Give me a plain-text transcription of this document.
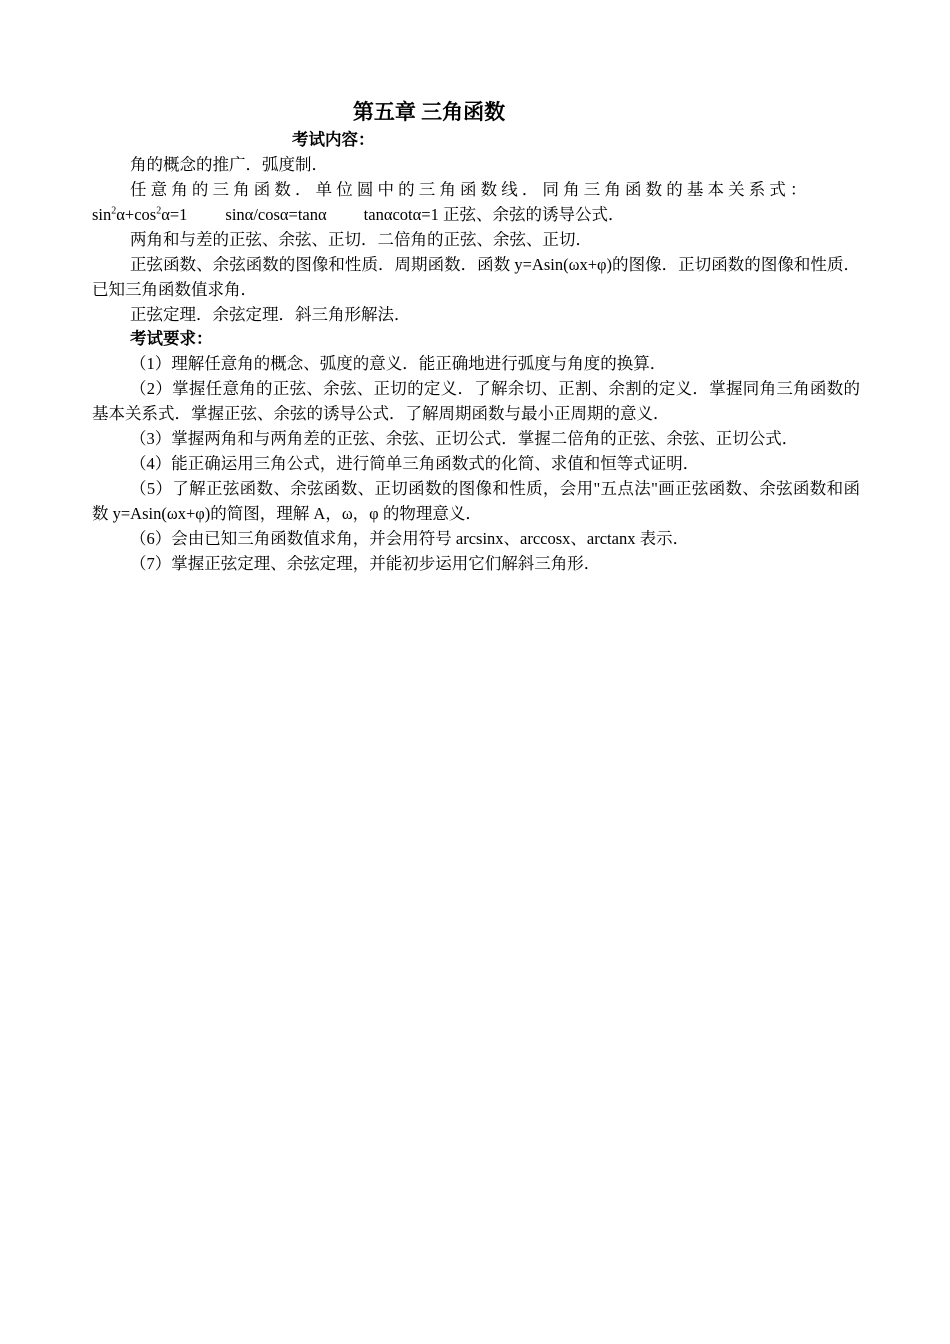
第五章 三角函数
考试内容：

角的概念的推广．弧度制．

任 意 角 的 三 角 函 数 ． 单 位 圆 中 的 三 角 函 数 线 ． 同 角 三 角 函 数 的 基 本 关 系 式 ：
$\sin^2\alpha+\cos^2\alpha=1$ sinα/cosα=tanα tanαcotα=1 正弦、余弦的诱导公式．

两角和与差的正弦、余弦、正切．二倍角的正弦、余弦、正切．

正弦函数、余弦函数的图像和性质．周期函数．函数 y=Asin(ωx+φ)的图像．正切函数的图像和性质．已知三角函数值求角．

正弦定理．余弦定理．斜三角形解法．

考试要求：

（1）理解任意角的概念、弧度的意义．能正确地进行弧度与角度的换算．

（2）掌握任意角的正弦、余弦、正切的定义．了解余切、正割、余割的定义．掌握同角三角函数的基本关系式．掌握正弦、余弦的诱导公式．了解周期函数与最小正周期的意义．

（3）掌握两角和与两角差的正弦、余弦、正切公式．掌握二倍角的正弦、余弦、正切公式．

（4）能正确运用三角公式，进行简单三角函数式的化简、求值和恒等式证明．

（5）了解正弦函数、余弦函数、正切函数的图像和性质，会用"五点法"画正弦函数、余弦函数和函数 y=Asin(ωx+φ)的简图，理解 A，ω，φ 的物理意义．

（6）会由已知三角函数值求角，并会用符号 arcsinx、arccosx、arctanx 表示．

（7）掌握正弦定理、余弦定理，并能初步运用它们解斜三角形．
